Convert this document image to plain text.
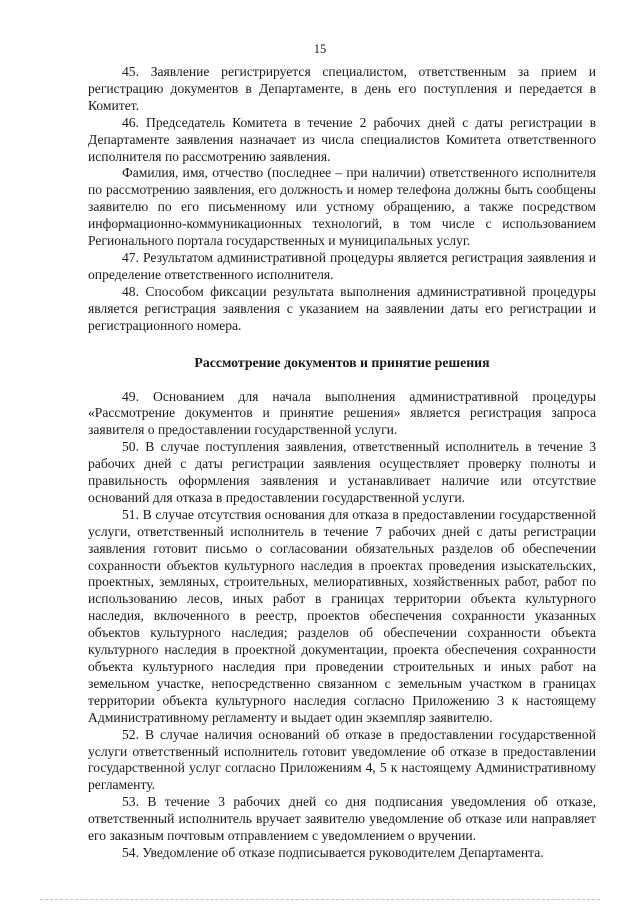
15

45. Заявление регистрируется специалистом, ответственным за прием и регистрацию документов в Департаменте, в день его поступления и передается в Комитет.

46. Председатель Комитета в течение 2 рабочих дней с даты регистрации в Департаменте заявления назначает из числа специалистов Комитета ответственного исполнителя по рассмотрению заявления.

Фамилия, имя, отчество (последнее – при наличии) ответственного исполнителя по рассмотрению заявления, его должность и номер телефона должны быть сообщены заявителю по его письменному или устному обращению, а также посредством информационно-коммуникационных технологий, в том числе с использованием Регионального портала государственных и муниципальных услуг.

47. Результатом административной процедуры является регистрация заявления и определение ответственного исполнителя.

48. Способом фиксации результата выполнения административной процедуры является регистрация заявления с указанием на заявлении даты его регистрации и регистрационного номера.

Рассмотрение документов и принятие решения

49. Основанием для начала выполнения административной процедуры «Рассмотрение документов и принятие решения» является регистрация запроса заявителя о предоставлении государственной услуги.

50. В случае поступления заявления, ответственный исполнитель в течение 3 рабочих дней с даты регистрации заявления осуществляет проверку полноты и правильность оформления заявления и устанавливает наличие или отсутствие оснований для отказа в предоставлении государственной услуги.

51. В случае отсутствия основания для отказа в предоставлении государственной услуги, ответственный исполнитель в течение 7 рабочих дней с даты регистрации заявления готовит письмо о согласовании обязательных разделов об обеспечении сохранности объектов культурного наследия в проектах проведения изыскательских, проектных, земляных, строительных, мелиоративных, хозяйственных работ, работ по использованию лесов, иных работ в границах территории объекта культурного наследия, включенного в реестр, проектов обеспечения сохранности указанных объектов культурного наследия; разделов об обеспечении сохранности объекта культурного наследия в проектной документации, проекта обеспечения сохранности объекта культурного наследия при проведении строительных и иных работ на земельном участке, непосредственно связанном с земельным участком в границах территории объекта культурного наследия согласно Приложению 3 к настоящему Административному регламенту и выдает один экземпляр заявителю.

52. В случае наличия оснований об отказе в предоставлении государственной услуги ответственный исполнитель готовит уведомление об отказе в предоставлении государственной услуг согласно Приложениям 4, 5 к настоящему Административному регламенту.

53. В течение 3 рабочих дней со дня подписания уведомления об отказе, ответственный исполнитель вручает заявителю уведомление об отказе или направляет его заказным почтовым отправлением с уведомлением о вручении.

54. Уведомление об отказе подписывается руководителем Департамента.
